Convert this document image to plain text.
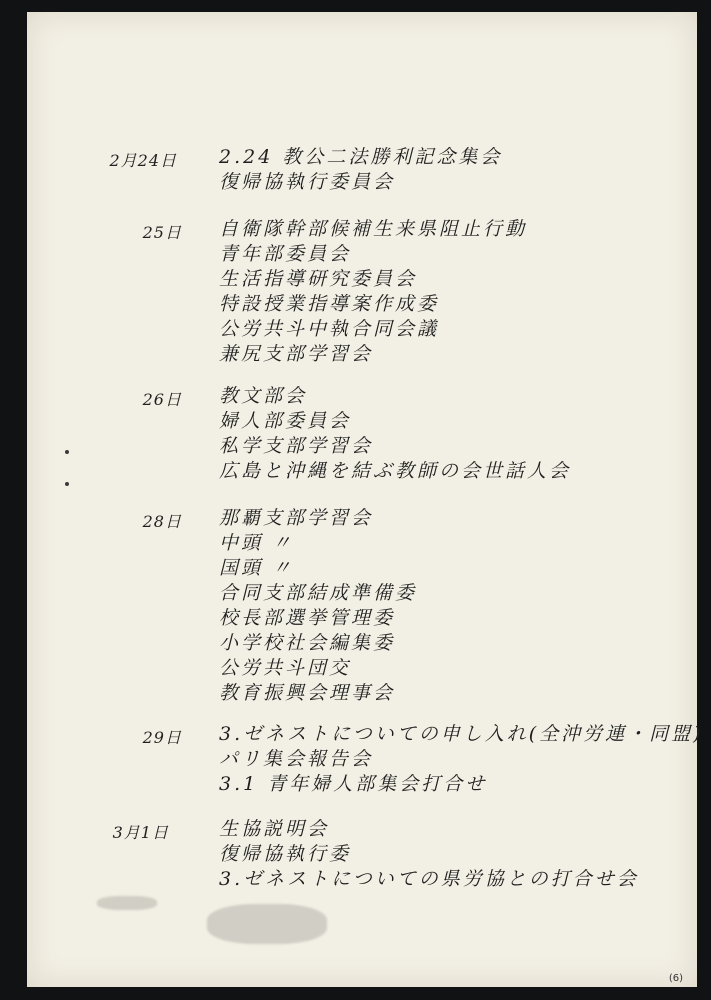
2月24日 2.24 教公二法勝利記念集会
復帰協執行委員会
25日 自衛隊幹部候補生来県阻止行動
青年部委員会
生活指導研究委員会
特設授業指導案作成委
公労共斗中執合同会議
兼尻支部学習会
26日 教文部会
婦人部委員会
私学支部学習会
広島と沖縄を結ぶ教師の会世話人会
28日 那覇支部学習会
中頭 〃
国頭 〃
合同支部結成準備委
校長部選挙管理委
小学校社会編集委
公労共斗団交
教育振興会理事会
29日 3.ゼネストについての申し入れ(全沖労連・同盟)
パリ集会報告会
3.1 青年婦人部集会打合せ
3月1日	生協説明会
復帰協執行委
3.ゼネストについての県労協との打合せ会
(6)
